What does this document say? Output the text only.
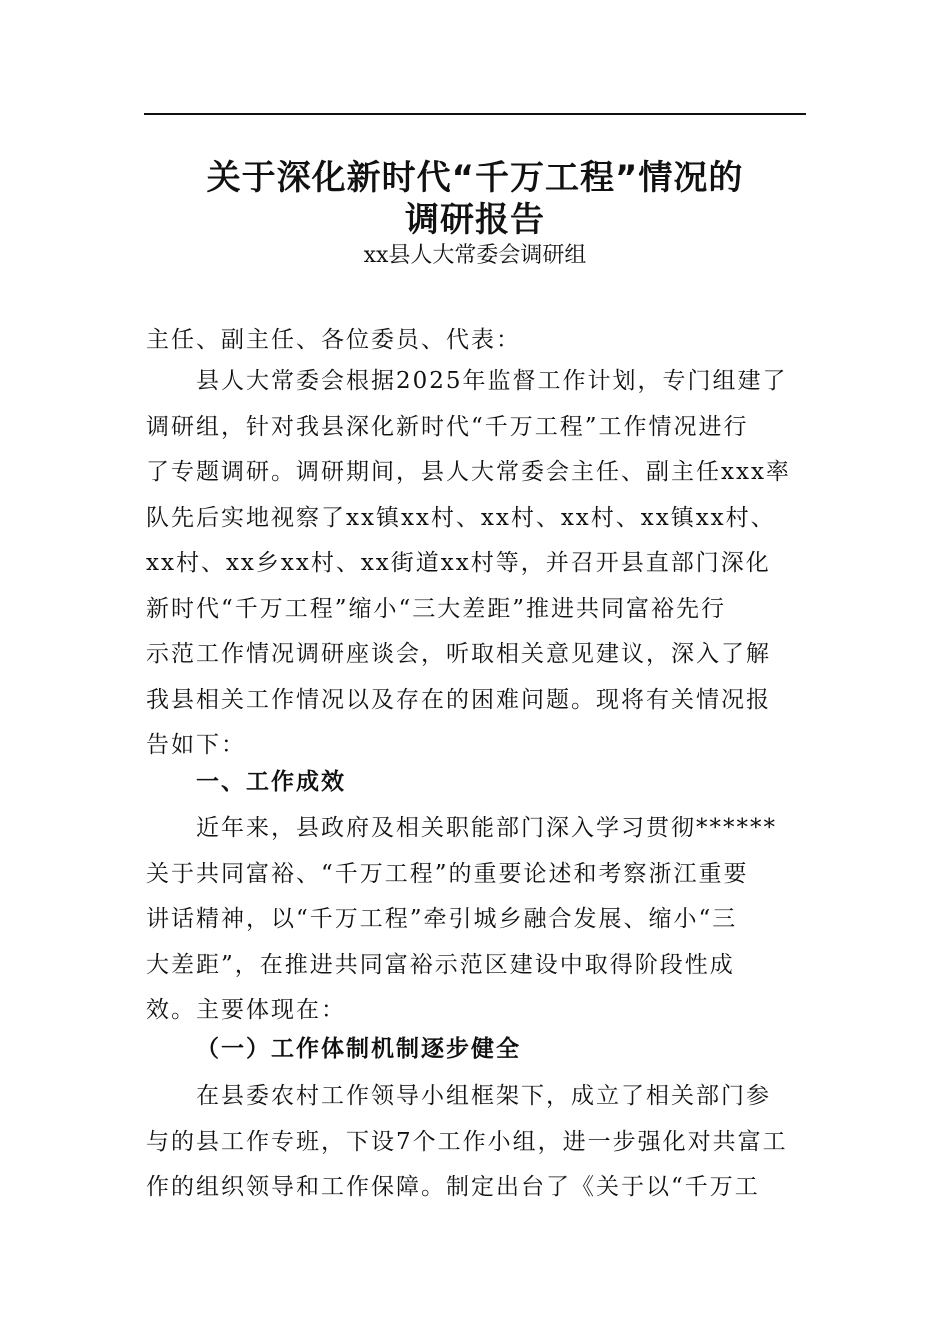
关于深化新时代“千万工程”情况的
调研报告
xx县人大常委会调研组

主任、副主任、各位委员、代表：

县人大常委会根据2025年监督工作计划，专门组建了
调研组，针对我县深化新时代“千万工程”工作情况进行
了专题调研。调研期间，县人大常委会主任、副主任xxx率
队先后实地视察了xx镇xx村、xx村、xx村、xx镇xx村、
xx村、xx乡xx村、xx街道xx村等，并召开县直部门深化
新时代“千万工程”缩小“三大差距”推进共同富裕先行
示范工作情况调研座谈会，听取相关意见建议，深入了解
我县相关工作情况以及存在的困难问题。现将有关情况报
告如下：

一、工作成效

近年来，县政府及相关职能部门深入学习贯彻******
关于共同富裕、“千万工程”的重要论述和考察浙江重要
讲话精神，以“千万工程”牵引城乡融合发展、缩小“三
大差距”，在推进共同富裕示范区建设中取得阶段性成
效。主要体现在：

（一）工作体制机制逐步健全

在县委农村工作领导小组框架下，成立了相关部门参
与的县工作专班，下设7个工作小组，进一步强化对共富工
作的组织领导和工作保障。制定出台了《关于以“千万工
